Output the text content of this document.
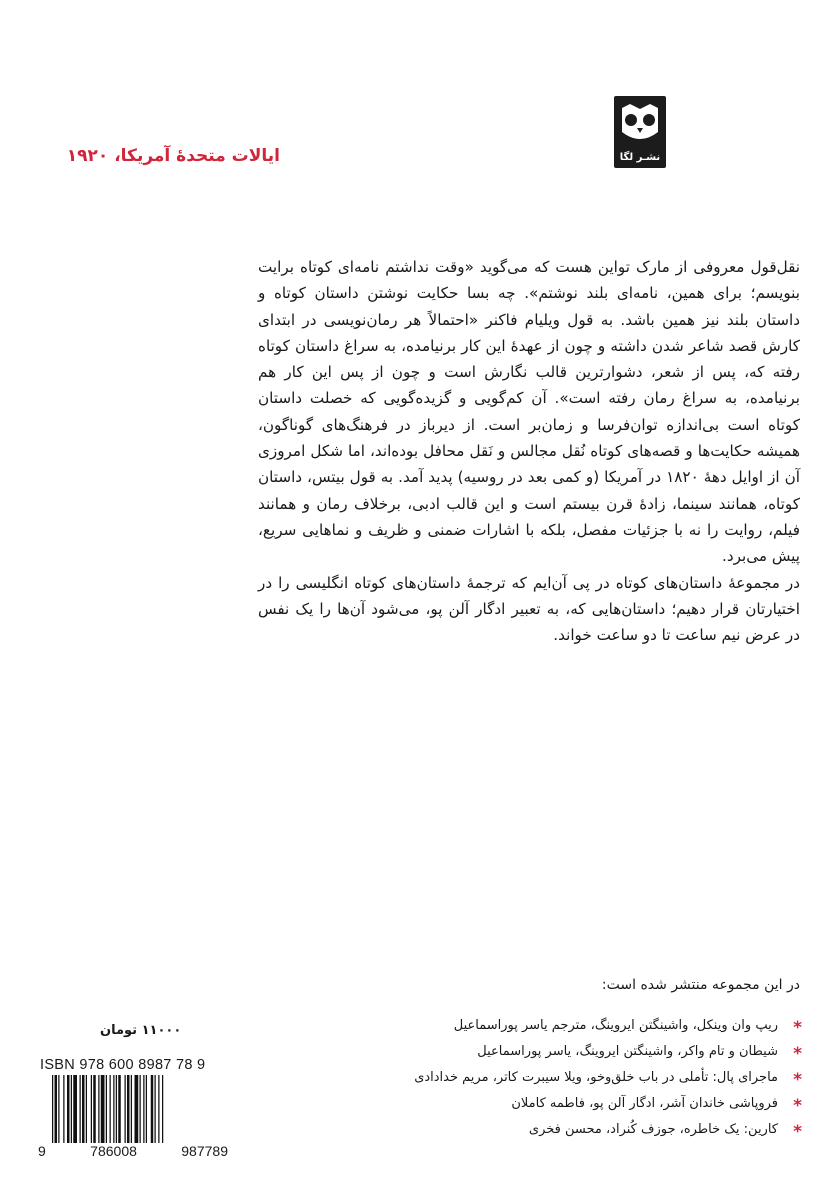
نشـر لگا
ایالات متحدهٔ آمریکا، ۱۹۲۰

نقل‌قول معروفی از مارک تواین هست که می‌گوید «وقت نداشتم نامه‌ای کوتاه برایت بنویسم؛ برای همین، نامه‌ای بلند نوشتم». چه بسا حکایت نوشتن داستان کوتاه و داستان بلند نیز همین باشد. به قول ویلیام فاکنر «احتمالاً هر رمان‌نویسی در ابتدای کارش قصد شاعر شدن داشته و چون از عهدهٔ این کار برنیامده، به سراغ داستان کوتاه رفته که، پس از شعر، دشوارترین قالب نگارش است و چون از پس این کار هم برنیامده، به سراغ رمان رفته است». آن کم‌گویی و گزیده‌گویی که خصلت داستان کوتاه است بی‌اندازه توان‌فرسا و زمان‌بر است. از دیرباز در فرهنگ‌های گوناگون، همیشه حکایت‌ها و قصه‌های کوتاه نُقل مجالس و نَقل محافل بوده‌اند، اما شکل امروزی آن از اوایل دههٔ ۱۸۲۰ در آمریکا (و کمی بعد در روسیه) پدید آمد. به قول بیتس، داستان کوتاه، همانند سینما، زادهٔ قرن بیستم است و این قالب ادبی، برخلاف رمان و همانند فیلم، روایت را نه با جزئیات مفصل، بلکه با اشارات ضمنی و ظریف و نماهایی سریع، پیش می‌برد.

در مجموعهٔ داستان‌های کوتاه در پی آن‌ایم که ترجمهٔ داستان‌های کوتاه انگلیسی را در اختیارتان قرار دهیم؛ داستان‌هایی که، به تعبیر ادگار آلن پو، می‌شود آن‌ها را یک نفس در عرض نیم ساعت تا دو ساعت خواند.

در این مجموعه منتشر شده است:
*
ریپ وان وینکل، واشینگتن ایروینگ، مترجم یاسر پوراسماعیل
*
شیطان و تام واکر، واشینگتن ایروینگ، یاسر پوراسماعیل
*
ماجرای پال: تأملی در باب خلق‌وخو، ویلا سیبرت کاتر، مریم خدادادی
*
فروپاشی خاندان آشر، ادگار آلن پو، فاطمه کاملان
*
کارین: یک خاطره، جوزف کُنراد، محسن فخری
۱۱۰۰۰ تومان
ISBN 978 600 8987 78 9
9	786008	987789
